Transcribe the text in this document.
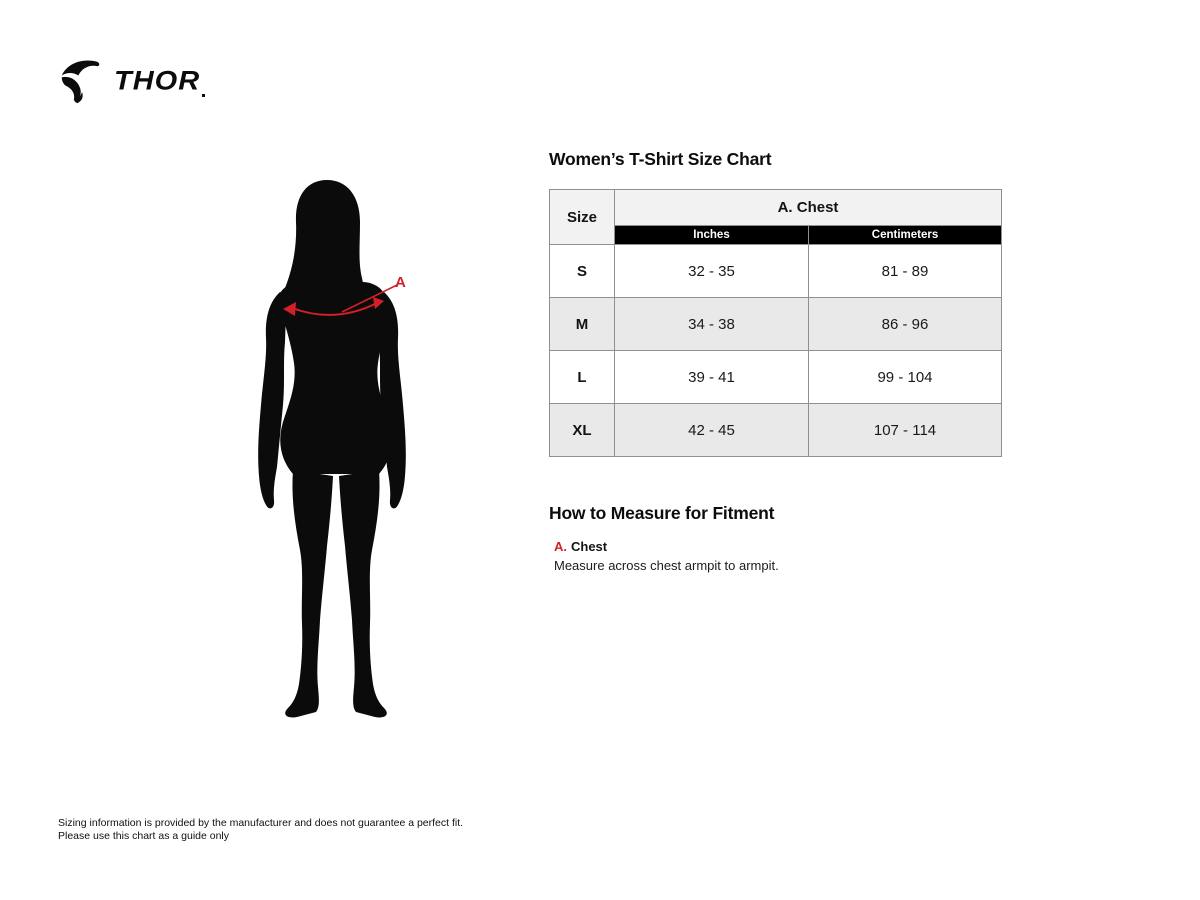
THOR
A
Women’s T-Shirt Size Chart
Size	A. Chest	
	Inches	Centimeters
S	32 - 35	81 - 89
M	34 - 38	86 - 96
L	39 - 41	99 - 104
XL	42 - 45	107 - 114
How to Measure for Fitment
A. Chest
Measure across chest armpit to armpit.
Sizing information is provided by the manufacturer and does not guarantee a perfect fit.
Please use this chart as a guide only
